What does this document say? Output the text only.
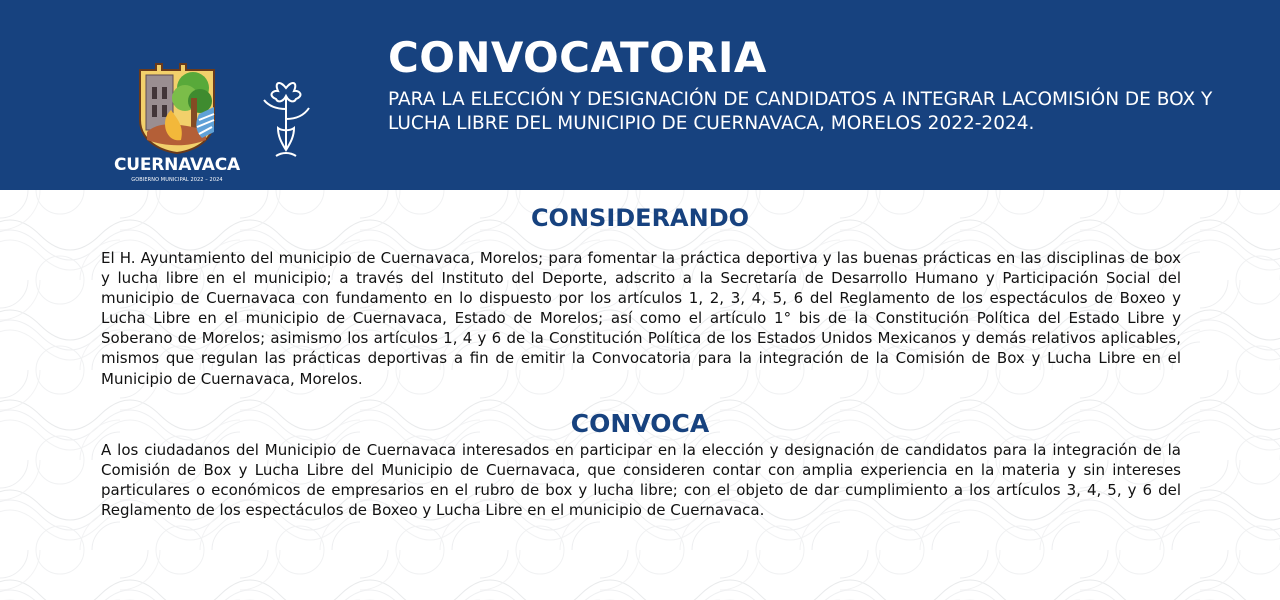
CUERNAVACA
GOBIERNO MUNICIPAL 2022 – 2024
CONVOCATORIA

PARA LA ELECCIÓN Y DESIGNACIÓN DE CANDIDATOS A INTEGRAR LACOMISIÓN DE BOX Y LUCHA LIBRE DEL MUNICIPIO DE CUERNAVACA, MORELOS 2022-2024.

CONSIDERANDO

El H. Ayuntamiento del municipio de Cuernavaca, Morelos; para fomentar la práctica deportiva y las buenas prácticas en las disciplinas de box y lucha libre en el municipio; a través del Instituto del Deporte, adscrito a la Secretaría de Desarrollo Humano y Participación Social del municipio de Cuernavaca con fundamento en lo dispuesto por los artículos 1, 2, 3, 4, 5, 6 del Reglamento de los espectáculos de Boxeo y Lucha Libre en el municipio de Cuernavaca, Estado de Morelos; así como el artículo 1° bis de la Constitución Política del Estado Libre y Soberano de Morelos; asimismo los artículos 1, 4 y 6 de la Constitución Política de los Estados Unidos Mexicanos y demás relativos aplicables, mismos que regulan las prácticas deportivas a fin de emitir la Convocatoria para la integración de la Comisión de Box y Lucha Libre en el Municipio de Cuernavaca, Morelos.

CONVOCA

A los ciudadanos del Municipio de Cuernavaca interesados en participar en la elección y designación de candidatos para la integración de la Comisión de Box y Lucha Libre del Municipio de Cuernavaca, que consideren contar con amplia experiencia en la materia y sin intereses particulares o económicos de empresarios en el rubro de box y lucha libre; con el objeto de dar cumplimiento a los artículos 3, 4, 5, y 6 del Reglamento de los espectáculos de Boxeo y Lucha Libre en el municipio de Cuernavaca.
